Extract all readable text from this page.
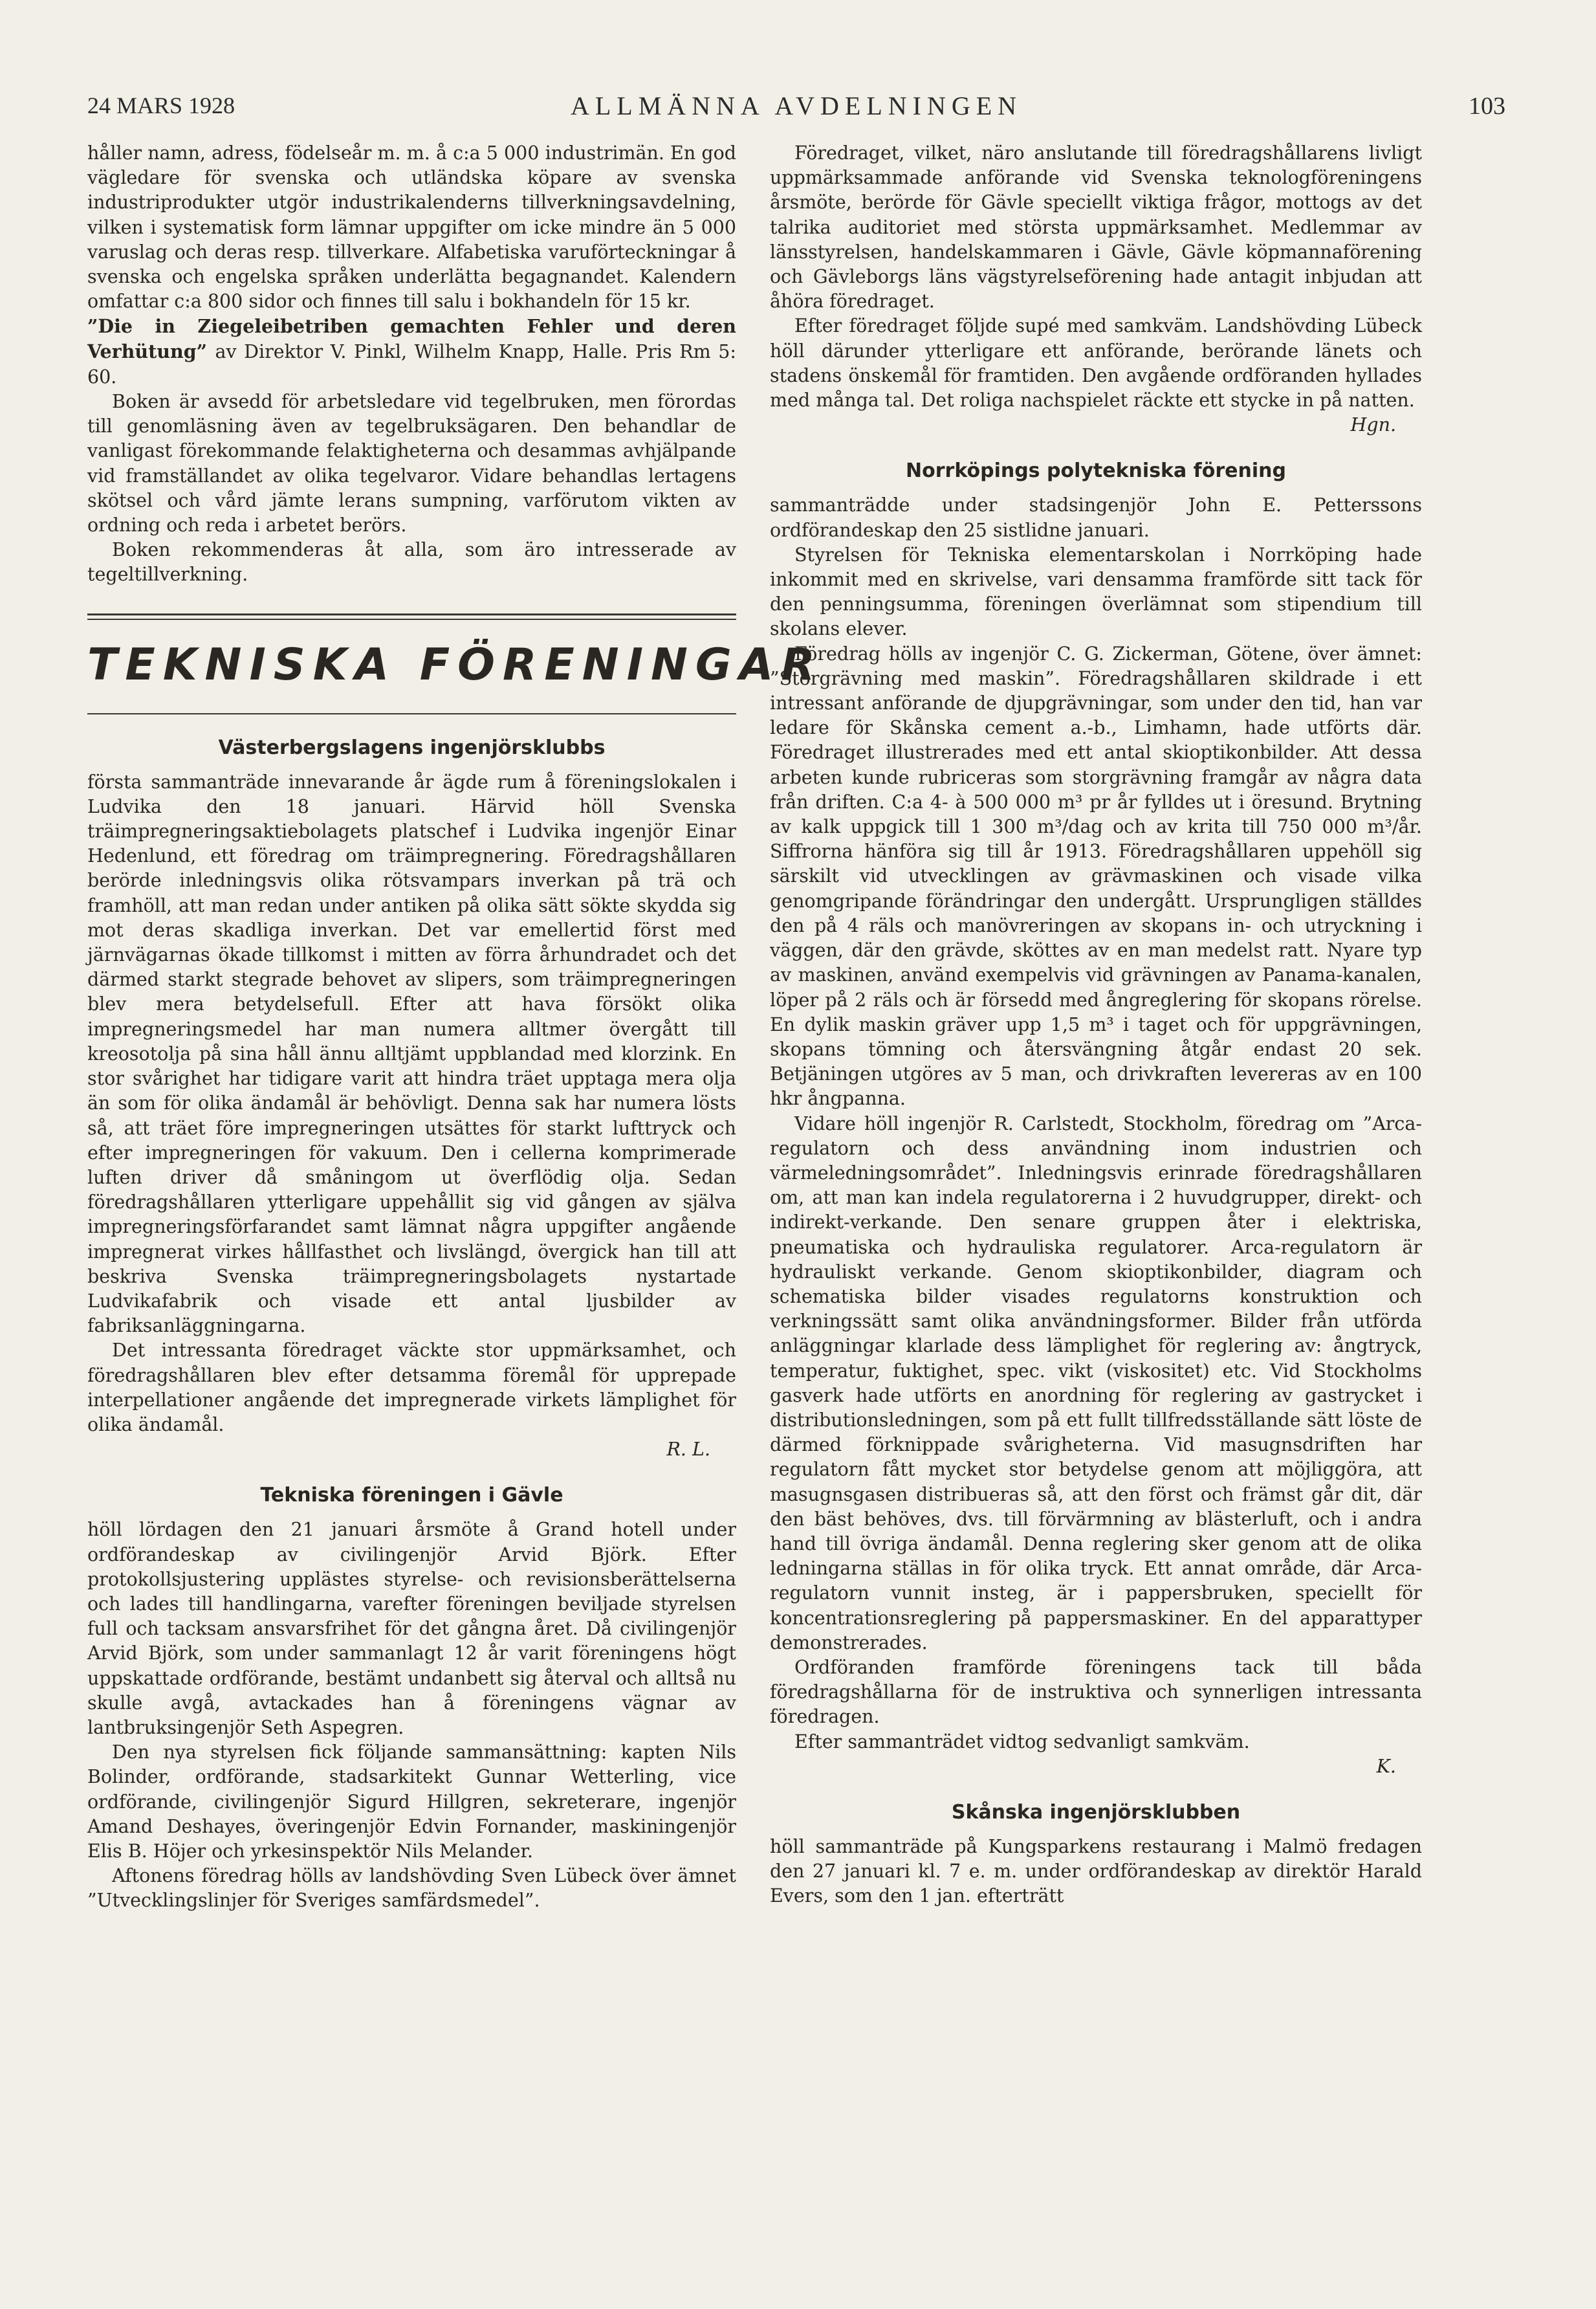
24 MARS 1928	ALLMÄNNA AVDELNINGEN	103

håller namn, adress, födelseår m. m. å c:a 5 000 industrimän. En god vägledare för svenska och utländska köpare av svenska industriprodukter utgör industrikalenderns tillverkningsavdelning, vilken i systematisk form lämnar uppgifter om icke mindre än 5 000 varuslag och deras resp. tillverkare. Alfabetiska varuförteckningar å svenska och engelska språken underlätta begagnandet. Kalendern omfattar c:a 800 sidor och finnes till salu i bokhandeln för 15 kr.

”Die in Ziegeleibetriben gemachten Fehler und deren Verhütung” av Direktor V. Pinkl, Wilhelm Knapp, Halle. Pris Rm 5: 60.

Boken är avsedd för arbetsledare vid tegelbruken, men förordas till genomläsning även av tegelbruksägaren. Den behandlar de vanligast förekommande felaktigheterna och desammas avhjälpande vid framställandet av olika tegelvaror. Vidare behandlas lertagens skötsel och vård jämte lerans sumpning, varförutom vikten av ordning och reda i arbetet berörs.

Boken rekommenderas åt alla, som äro intresserade av tegeltillverkning.

TEKNISKA FÖRENINGAR
Västerbergslagens ingenjörsklubbs

första sammanträde innevarande år ägde rum å föreningslokalen i Ludvika den 18 januari. Härvid höll Svenska träimpregneringsaktiebolagets platschef i Ludvika ingenjör Einar Hedenlund, ett föredrag om träimpregnering. Föredragshållaren berörde inledningsvis olika rötsvampars inverkan på trä och framhöll, att man redan under antiken på olika sätt sökte skydda sig mot deras skadliga inverkan. Det var emellertid först med järnvägarnas ökade tillkomst i mitten av förra århundradet och det därmed starkt stegrade behovet av slipers, som träimpregneringen blev mera betydelsefull. Efter att hava försökt olika impregneringsmedel har man numera alltmer övergått till kreosotolja på sina håll ännu alltjämt uppblandad med klorzink. En stor svårighet har tidigare varit att hindra träet upptaga mera olja än som för olika ändamål är behövligt. Denna sak har numera lösts så, att träet före impregneringen utsättes för starkt lufttryck och efter impregneringen för vakuum. Den i cellerna komprimerade luften driver då småningom ut överflödig olja. Sedan föredragshållaren ytterligare uppehållit sig vid gången av själva impregneringsförfarandet samt lämnat några uppgifter angående impregnerat virkes hållfasthet och livslängd, övergick han till att beskriva Svenska träimpregneringsbolagets nystartade Ludvikafabrik och visade ett antal ljusbilder av fabriksanläggningarna.

Det intressanta föredraget väckte stor uppmärksamhet, och föredragshållaren blev efter detsamma föremål för upprepade interpellationer angående det impregnerade virkets lämplighet för olika ändamål.

R. L.

Tekniska föreningen i Gävle

höll lördagen den 21 januari årsmöte å Grand hotell under ordförandeskap av civilingenjör Arvid Björk. Efter protokollsjustering upplästes styrelse- och revisionsberättelserna och lades till handlingarna, varefter föreningen beviljade styrelsen full och tacksam ansvarsfrihet för det gångna året. Då civilingenjör Arvid Björk, som under sammanlagt 12 år varit föreningens högt uppskattade ordförande, bestämt undanbett sig återval och alltså nu skulle avgå, avtackades han å föreningens vägnar av lantbruksingenjör Seth Aspegren.

Den nya styrelsen fick följande sammansättning: kapten Nils Bolinder, ordförande, stadsarkitekt Gunnar Wetterling, vice ordförande, civilingenjör Sigurd Hillgren, sekreterare, ingenjör Amand Deshayes, överingenjör Edvin Fornander, maskiningenjör Elis B. Höjer och yrkesinspektör Nils Melander.

Aftonens föredrag hölls av landshövding Sven Lübeck över ämnet ”Utvecklingslinjer för Sveriges samfärdsmedel”.

Föredraget, vilket, näro anslutande till föredragshållarens livligt uppmärksammade anförande vid Svenska teknologföreningens årsmöte, berörde för Gävle speciellt viktiga frågor, mottogs av det talrika auditoriet med största uppmärksamhet. Medlemmar av länsstyrelsen, handelskammaren i Gävle, Gävle köpmannaförening och Gävleborgs läns vägstyrelseförening hade antagit inbjudan att åhöra föredraget.

Efter föredraget följde supé med samkväm. Landshövding Lübeck höll därunder ytterligare ett anförande, berörande länets och stadens önskemål för framtiden. Den avgående ordföranden hyllades med många tal. Det roliga nachspielet räckte ett stycke in på natten.

Hgn.

Norrköpings polytekniska förening

sammanträdde under stadsingenjör John E. Petterssons ordförandeskap den 25 sistlidne januari.

Styrelsen för Tekniska elementarskolan i Norrköping hade inkommit med en skrivelse, vari densamma framförde sitt tack för den penningsumma, föreningen överlämnat som stipendium till skolans elever.

Föredrag hölls av ingenjör C. G. Zickerman, Götene, över ämnet: ”Storgrävning med maskin”. Föredragshållaren skildrade i ett intressant anförande de djupgrävningar, som under den tid, han var ledare för Skånska cement a.-b., Limhamn, hade utförts där. Föredraget illustrerades med ett antal skioptikonbilder. Att dessa arbeten kunde rubriceras som storgrävning framgår av några data från driften. C:a 4- à 500 000 m³ pr år fylldes ut i öresund. Brytning av kalk uppgick till 1 300 m³/dag och av krita till 750 000 m³/år. Siffrorna hänföra sig till år 1913. Föredragshållaren uppehöll sig särskilt vid utvecklingen av grävmaskinen och visade vilka genomgripande förändringar den undergått. Ursprungligen ställdes den på 4 räls och manövreringen av skopans in- och utryckning i väggen, där den grävde, sköttes av en man medelst ratt. Nyare typ av maskinen, använd exempelvis vid grävningen av Panama-kanalen, löper på 2 räls och är försedd med ångreglering för skopans rörelse. En dylik maskin gräver upp 1,5 m³ i taget och för uppgrävningen, skopans tömning och återsvängning åtgår endast 20 sek. Betjäningen utgöres av 5 man, och drivkraften levereras av en 100 hkr ångpanna.

Vidare höll ingenjör R. Carlstedt, Stockholm, föredrag om ”Arca-regulatorn och dess användning inom industrien och värmeledningsområdet”. Inledningsvis erinrade föredragshållaren om, att man kan indela regulatorerna i 2 huvudgrupper, direkt- och indirekt-verkande. Den senare gruppen åter i elektriska, pneumatiska och hydrauliska regulatorer. Arca-regulatorn är hydrauliskt verkande. Genom skioptikonbilder, diagram och schematiska bilder visades regulatorns konstruktion och verkningssätt samt olika användningsformer. Bilder från utförda anläggningar klarlade dess lämplighet för reglering av: ångtryck, temperatur, fuktighet, spec. vikt (viskositet) etc. Vid Stockholms gasverk hade utförts en anordning för reglering av gastrycket i distributionsledningen, som på ett fullt tillfredsställande sätt löste de därmed förknippade svårigheterna. Vid masugnsdriften har regulatorn fått mycket stor betydelse genom att möjliggöra, att masugnsgasen distribueras så, att den först och främst går dit, där den bäst behöves, dvs. till förvärmning av blästerluft, och i andra hand till övriga ändamål. Denna reglering sker genom att de olika ledningarna ställas in för olika tryck. Ett annat område, där Arca-regulatorn vunnit insteg, är i pappersbruken, speciellt för koncentrationsreglering på pappersmaskiner. En del apparattyper demonstrerades.

Ordföranden framförde föreningens tack till båda föredragshållarna för de instruktiva och synnerligen intressanta föredragen.

Efter sammanträdet vidtog sedvanligt samkväm.

K.

Skånska ingenjörsklubben

höll sammanträde på Kungsparkens restaurang i Malmö fredagen den 27 januari kl. 7 e. m. under ordförandeskap av direktör Harald Evers, som den 1 jan. efterträtt
